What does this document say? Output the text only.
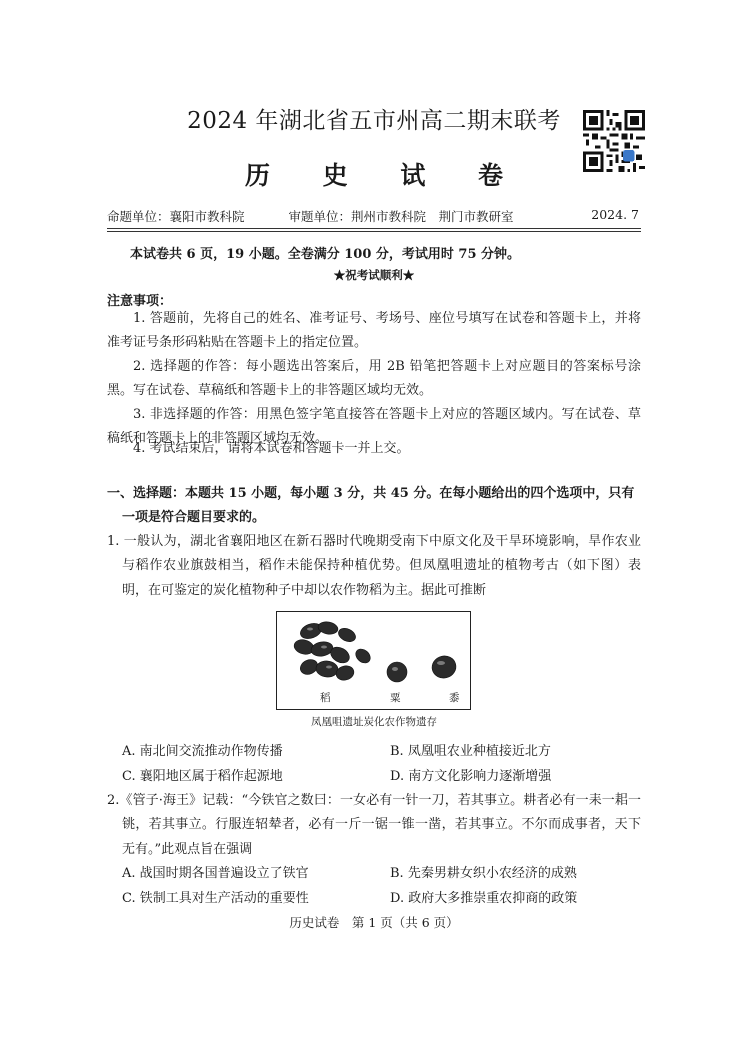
2024 年湖北省五市州高二期末联考
历 史 试 卷
命题单位：襄阳市教科院	审题单位：荆州市教科院　荆门市教研室	2024. 7
本试卷共 6 页，19 小题。全卷满分 100 分，考试用时 75 分钟。
★祝考试顺利★
注意事项：
1. 答题前，先将自己的姓名、准考证号、考场号、座位号填写在试卷和答题卡上，并将准考证号条形码粘贴在答题卡上的指定位置。
2. 选择题的作答：每小题选出答案后，用 2B 铅笔把答题卡上对应题目的答案标号涂黑。写在试卷、草稿纸和答题卡上的非答题区域均无效。
3. 非选择题的作答：用黑色签字笔直接答在答题卡上对应的答题区域内。写在试卷、草稿纸和答题卡上的非答题区域均无效。
4. 考试结束后，请将本试卷和答题卡一并上交。
一、选择题：本题共 15 小题，每小题 3 分，共 45 分。在每小题给出的四个选项中，只有一项是符合题目要求的。
1. 一般认为，湖北省襄阳地区在新石器时代晚期受南下中原文化及干旱环境影响，旱作农业与稻作农业旗鼓相当，稻作未能保持种植优势。但凤凰咀遗址的植物考古（如下图）表明，在可鉴定的炭化植物种子中却以农作物稻为主。据此可推断
稻	粟	黍
凤凰咀遗址炭化农作物遗存
A. 南北间交流推动作物传播	B. 凤凰咀农业种植接近北方
C. 襄阳地区属于稻作起源地	D. 南方文化影响力逐渐增强
2.《管子·海王》记载：“今铁官之数曰：一女必有一针一刀，若其事立。耕者必有一耒一耜一铫，若其事立。行服连轺辇者，必有一斤一锯一锥一凿，若其事立。不尔而成事者，天下无有。”此观点旨在强调
A. 战国时期各国普遍设立了铁官	B. 先秦男耕女织小农经济的成熟
C. 铁制工具对生产活动的重要性	D. 政府大多推崇重农抑商的政策
历史试卷　第 1 页（共 6 页）
